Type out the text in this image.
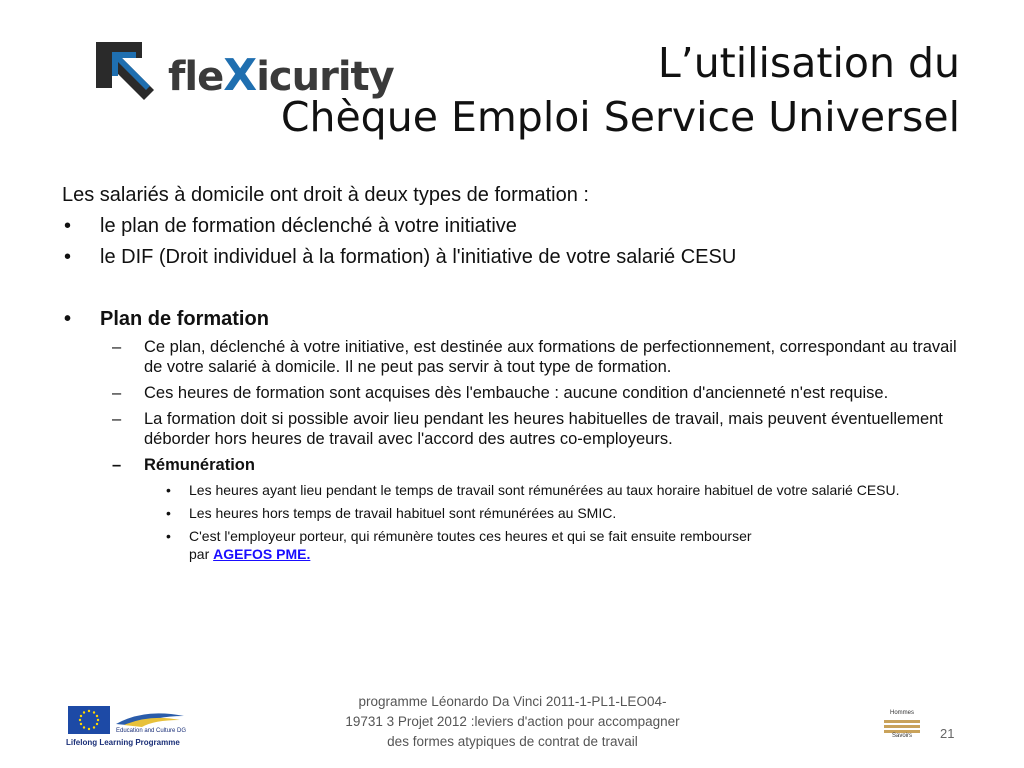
fleXicurity	L’utilisation du
Chèque Emploi Service Universel
Les salariés à domicile ont droit à deux types de formation :
• le plan de formation déclenché à votre initiative
• le DIF (Droit individuel à la formation) à l'initiative de votre salarié CESU
• Plan de formation
– Ce plan, déclenché à votre initiative, est destinée aux formations de perfectionnement, correspondant au travail de votre salarié à domicile. Il ne peut pas servir à tout type de formation.
– Ces heures de formation sont acquises dès l'embauche : aucune condition d'ancienneté n'est requise.
– La formation doit si possible avoir lieu pendant les heures habituelles de travail, mais peuvent éventuellement déborder hors heures de travail avec l'accord des autres co-employeurs.
– Rémunération
• Les heures ayant lieu pendant le temps de travail sont rémunérées au taux horaire habituel de votre salarié CESU.
• Les heures hors temps de travail habituel sont rémunérées au SMIC.
• C'est l'employeur porteur, qui rémunère toutes ces heures et qui se fait ensuite rembourser
par AGEFOS PME.
Education and Culture DG
Lifelong Learning Programme
programme Léonardo Da Vinci 2011-1-PL1-LEO04-19731 3 Projet 2012 :leviers d'action pour accompagner des formes atypiques de contrat de travail
Hommes
Savoirs	21
